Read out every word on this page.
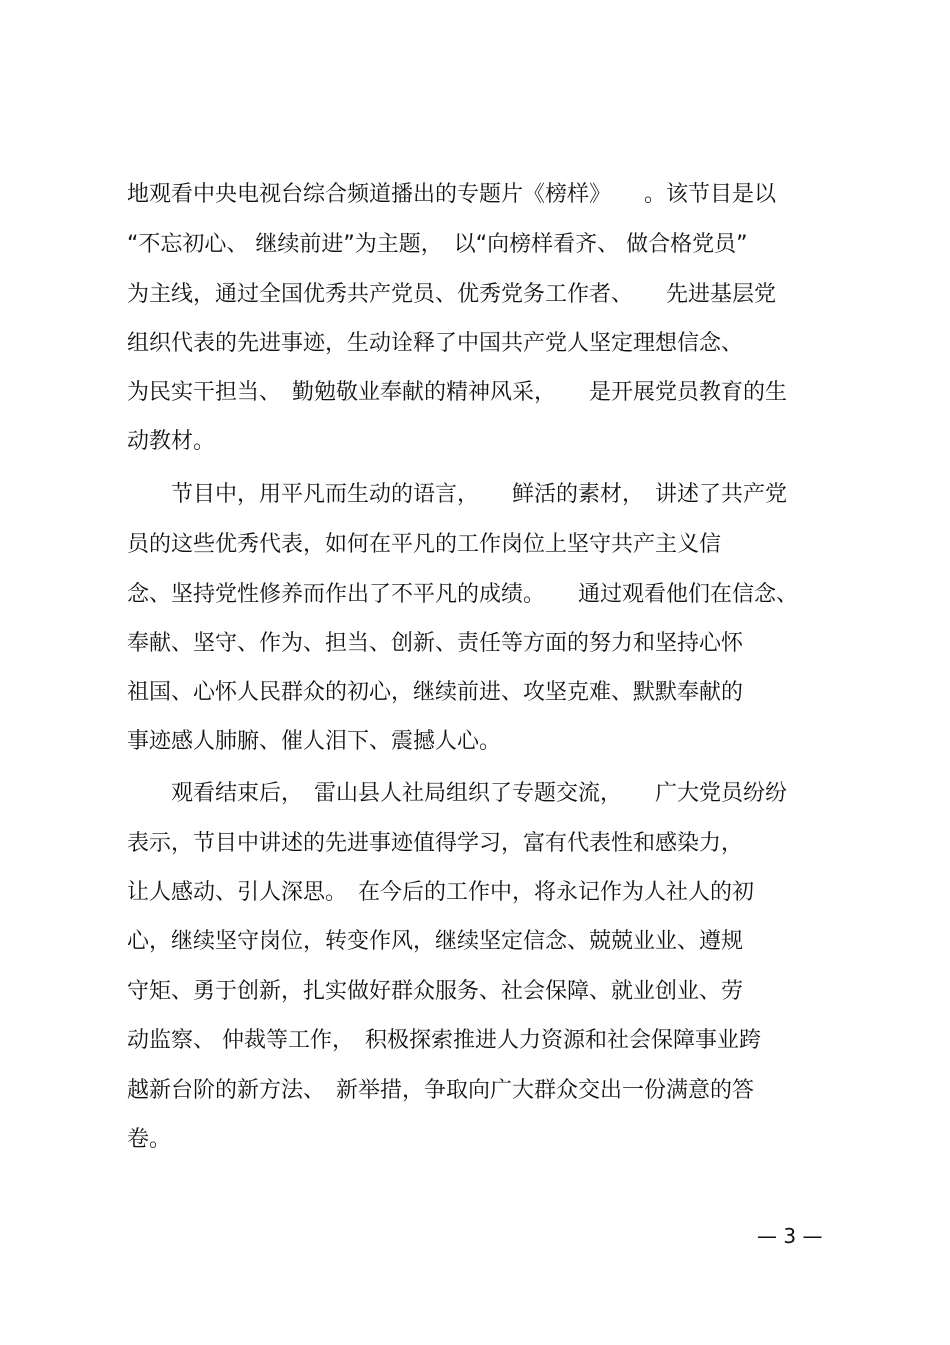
地观看中央电视台综合频道播出的专题片《榜样》　　。该节目是以
“不忘初心、 继续前进”为主题，　以“向榜样看齐、 做合格党员”
为主线，通过全国优秀共产党员、优秀党务工作者、　　先进基层党
组织代表的先进事迹，生动诠释了中国共产党人坚定理想信念、
为民实干担当、　勤勉敬业奉献的精神风采，　　是开展党员教育的生
动教材。
　　节目中，用平凡而生动的语言，　　鲜活的素材，　讲述了共产党
员的这些优秀代表，如何在平凡的工作岗位上坚守共产主义信
念、坚持党性修养而作出了不平凡的成绩。　　通过观看他们在信念、
奉献、坚守、作为、担当、创新、责任等方面的努力和坚持心怀
祖国、心怀人民群众的初心，继续前进、攻坚克难、默默奉献的
事迹感人肺腑、催人泪下、震撼人心。
　　观看结束后，　雷山县人社局组织了专题交流，　　广大党员纷纷
表示，节目中讲述的先进事迹值得学习，富有代表性和感染力，
让人感动、引人深思。　在今后的工作中，将永记作为人社人的初
心，继续坚守岗位，转变作风，继续坚定信念、兢兢业业、遵规
守矩、勇于创新，扎实做好群众服务、社会保障、就业创业、劳
动监察、 仲裁等工作，　积极探索推进人力资源和社会保障事业跨
越新台阶的新方法、　新举措，争取向广大群众交出一份满意的答
卷。
— 3 —
